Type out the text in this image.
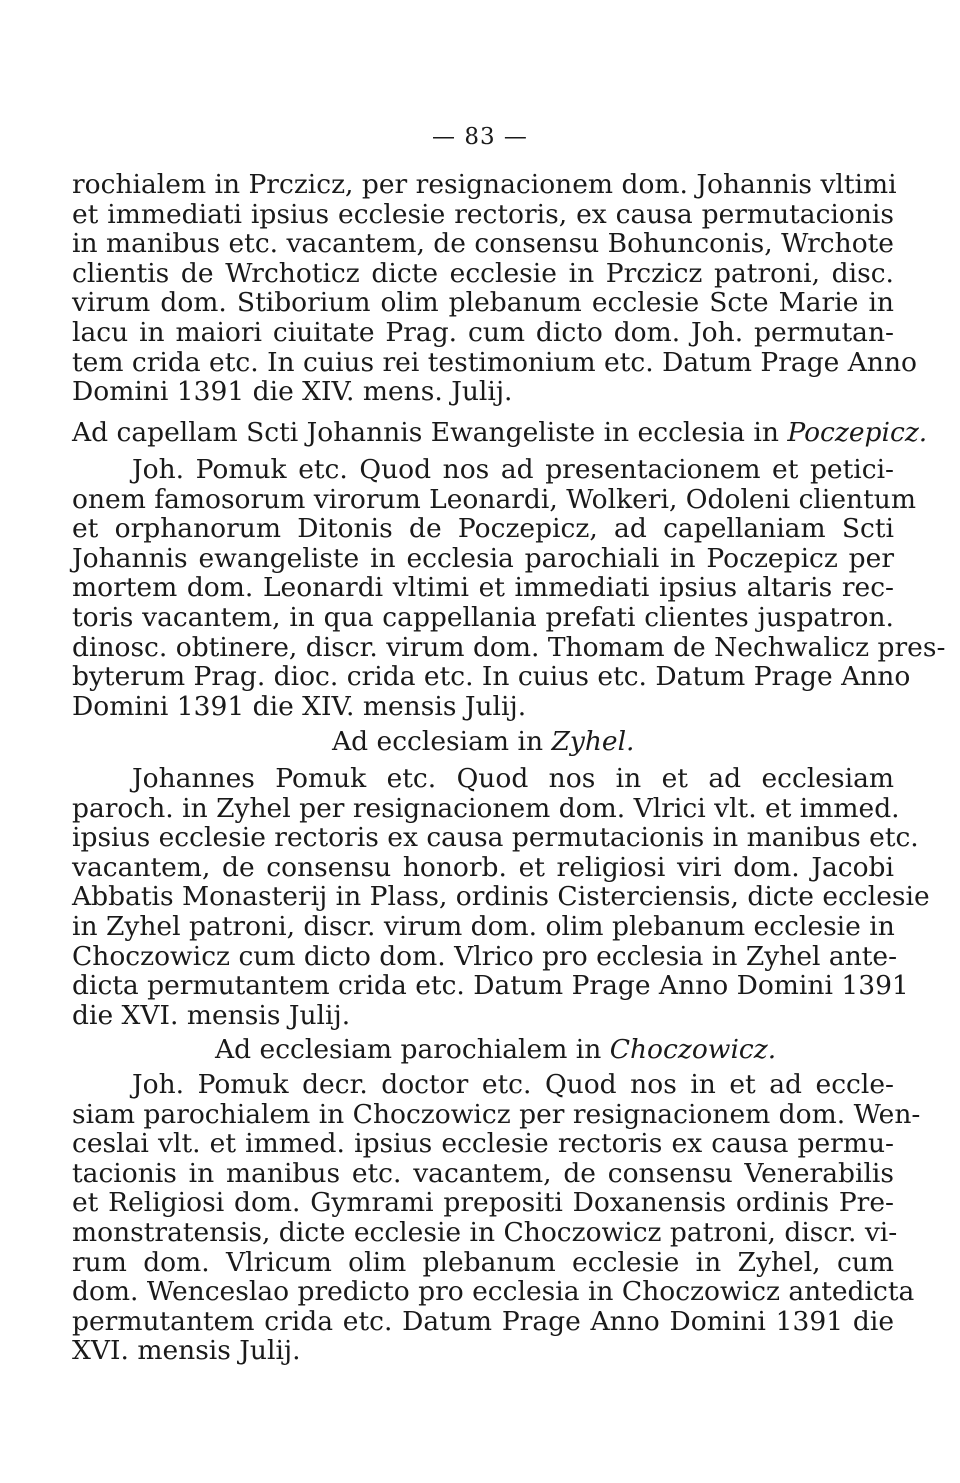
— 83 —
rochialem in Prczicz, per resignacionem dom. Johannis vltimi
et immediati ipsius ecclesie rectoris, ex causa permutacionis
in manibus etc. vacantem, de consensu Bohunconis, Wrchote
clientis de Wrchoticz dicte ecclesie in Prczicz patroni, disc.
virum dom. Stiborium olim plebanum ecclesie Scte Marie in
lacu in maiori ciuitate Prag. cum dicto dom. Joh. permutan-
tem crida etc. In cuius rei testimonium etc. Datum Prage Anno
Domini 1391 die XIV. mens. Julij.
Ad capellam Scti Johannis Ewangeliste in ecclesia in Poczepicz.
Joh. Pomuk etc. Quod nos ad presentacionem et petici-
onem famosorum virorum Leonardi, Wolkeri, Odoleni clientum
et orphanorum Ditonis de Poczepicz, ad capellaniam Scti
Johannis ewangeliste in ecclesia parochiali in Poczepicz per
mortem dom. Leonardi vltimi et immediati ipsius altaris rec-
toris vacantem, in qua cappellania prefati clientes juspatron.
dinosc. obtinere, discr. virum dom. Thomam de Nechwalicz pres-
byterum Prag. dioc. crida etc. In cuius etc. Datum Prage Anno
Domini 1391 die XIV. mensis Julij.
Ad ecclesiam in Zyhel.
Johannes Pomuk etc. Quod nos in et ad ecclesiam
paroch. in Zyhel per resignacionem dom. Vlrici vlt. et immed.
ipsius ecclesie rectoris ex causa permutacionis in manibus etc.
vacantem, de consensu honorb. et religiosi viri dom. Jacobi
Abbatis Monasterij in Plass, ordinis Cisterciensis, dicte ecclesie
in Zyhel patroni, discr. virum dom. olim plebanum ecclesie in
Choczowicz cum dicto dom. Vlrico pro ecclesia in Zyhel ante-
dicta permutantem crida etc. Datum Prage Anno Domini 1391
die XVI. mensis Julij.
Ad ecclesiam parochialem in Choczowicz.
Joh. Pomuk decr. doctor etc. Quod nos in et ad eccle-
siam parochialem in Choczowicz per resignacionem dom. Wen-
ceslai vlt. et immed. ipsius ecclesie rectoris ex causa permu-
tacionis in manibus etc. vacantem, de consensu Venerabilis
et Religiosi dom. Gymrami prepositi Doxanensis ordinis Pre-
monstratensis, dicte ecclesie in Choczowicz patroni, discr. vi-
rum dom. Vlricum olim plebanum ecclesie in Zyhel, cum
dom. Wenceslao predicto pro ecclesia in Choczowicz antedicta
permutantem crida etc. Datum Prage Anno Domini 1391 die
XVI. mensis Julij.
